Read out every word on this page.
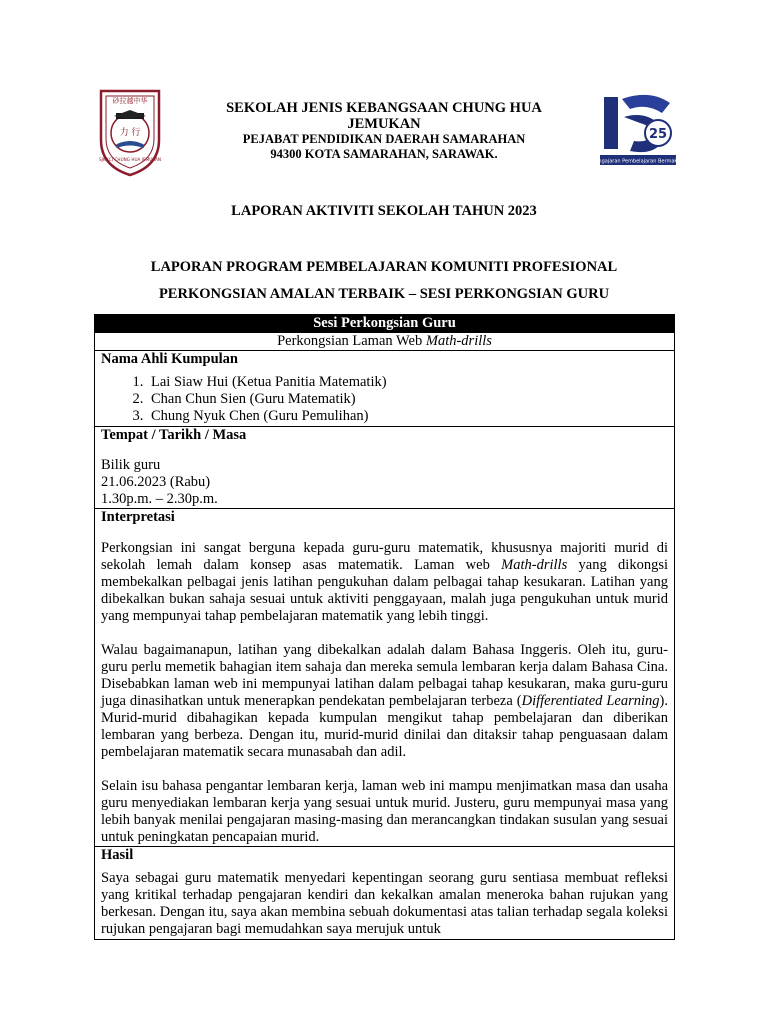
砂拉越中华
力 行
SJK (C) CHUNG HUA JEMUKAN

SEKOLAH JENIS KEBANGSAAN CHUNG HUA

JEMUKAN

PEJABAT PENDIDIKAN DAERAH SAMARAHAN

94300 KOTA SAMARAHAN, SARAWAK.

25
Pengajaran Pembelajaran Bermakna

LAPORAN AKTIVITI SEKOLAH TAHUN 2023

LAPORAN PROGRAM PEMBELAJARAN KOMUNITI PROFESIONAL

PERKONGSIAN AMALAN TERBAIK – SESI PERKONGSIAN GURU

Sesi Perkongsian Guru
Perkongsian Laman Web Math-drills

Nama Ahli Kumpulan

1. Lai Siaw Hui (Ketua Panitia Matematik)
2. Chan Chun Sien (Guru Matematik)
3. Chung Nyuk Chen (Guru Pemulihan)

Tempat / Tarikh / Masa

Bilik guru
21.06.2023 (Rabu)
1.30p.m. – 2.30p.m.

Interpretasi

Perkongsian ini sangat berguna kepada guru-guru matematik, khususnya majoriti murid di sekolah lemah dalam konsep asas matematik. Laman web Math-drills yang dikongsi membekalkan pelbagai jenis latihan pengukuhan dalam pelbagai tahap kesukaran. Latihan yang dibekalkan bukan sahaja sesuai untuk aktiviti penggayaan, malah juga pengukuhan untuk murid yang mempunyai tahap pembelajaran matematik yang lebih tinggi.

Walau bagaimanapun, latihan yang dibekalkan adalah dalam Bahasa Inggeris. Oleh itu, guru-guru perlu memetik bahagian item sahaja dan mereka semula lembaran kerja dalam Bahasa Cina. Disebabkan laman web ini mempunyai latihan dalam pelbagai tahap kesukaran, maka guru-guru juga dinasihatkan untuk menerapkan pendekatan pembelajaran terbeza (Differentiated Learning). Murid-murid dibahagikan kepada kumpulan mengikut tahap pembelajaran dan diberikan lembaran yang berbeza. Dengan itu, murid-murid dinilai dan ditaksir tahap penguasaan dalam pembelajaran matematik secara munasabah dan adil.

Selain isu bahasa pengantar lembaran kerja, laman web ini mampu menjimatkan masa dan usaha guru menyediakan lembaran kerja yang sesuai untuk murid. Justeru, guru mempunyai masa yang lebih banyak menilai pengajaran masing-masing dan merancangkan tindakan susulan yang sesuai untuk peningkatan pencapaian murid.

Hasil

Saya sebagai guru matematik menyedari kepentingan seorang guru sentiasa membuat refleksi yang kritikal terhadap pengajaran kendiri dan kekalkan amalan meneroka bahan rujukan yang berkesan. Dengan itu, saya akan membina sebuah dokumentasi atas talian terhadap segala koleksi rujukan pengajaran bagi memudahkan saya merujuk untuk
